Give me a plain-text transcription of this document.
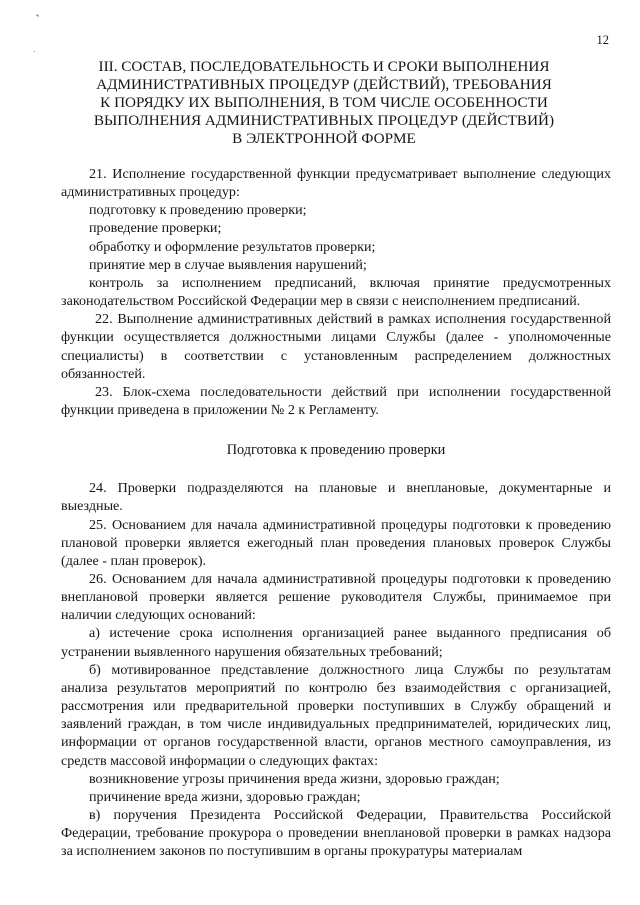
12
III. СОСТАВ, ПОСЛЕДОВАТЕЛЬНОСТЬ И СРОКИ ВЫПОЛНЕНИЯ
АДМИНИСТРАТИВНЫХ ПРОЦЕДУР (ДЕЙСТВИЙ), ТРЕБОВАНИЯ
К ПОРЯДКУ ИХ ВЫПОЛНЕНИЯ, В ТОМ ЧИСЛЕ ОСОБЕННОСТИ
ВЫПОЛНЕНИЯ АДМИНИСТРАТИВНЫХ ПРОЦЕДУР (ДЕЙСТВИЙ)
В ЭЛЕКТРОННОЙ ФОРМЕ

21. Исполнение государственной функции предусматривает выполнение следующих административных процедур:

подготовку к проведению проверки;

проведение проверки;

обработку и оформление результатов проверки;

принятие мер в случае выявления нарушений;

контроль за исполнением предписаний, включая принятие предусмотренных законодательством Российской Федерации мер в связи с неисполнением предписаний.

22. Выполнение административных действий в рамках исполнения государственной функции осуществляется должностными лицами Службы (далее - уполномоченные специалисты) в соответствии с установленным распределением должностных обязанностей.

23. Блок-схема последовательности действий при исполнении государственной функции приведена в приложении № 2 к Регламенту.

Подготовка к проведению проверки

24. Проверки подразделяются на плановые и внеплановые, документарные и выездные.

25. Основанием для начала административной процедуры подготовки к проведению плановой проверки является ежегодный план проведения плановых проверок Службы (далее - план проверок).

26. Основанием для начала административной процедуры подготовки к проведению внеплановой проверки является решение руководителя Службы, принимаемое при наличии следующих оснований:

а) истечение срока исполнения организацией ранее выданного предписания об устранении выявленного нарушения обязательных требований;

б) мотивированное представление должностного лица Службы по результатам анализа результатов мероприятий по контролю без взаимодействия с организацией, рассмотрения или предварительной проверки поступивших в Службу обращений и заявлений граждан, в том числе индивидуальных предпринимателей, юридических лиц, информации от органов государственной власти, органов местного самоуправления, из средств массовой информации о следующих фактах:

возникновение угрозы причинения вреда жизни, здоровью граждан;

причинение вреда жизни, здоровью граждан;

в) поручения Президента Российской Федерации, Правительства Российской Федерации, требование прокурора о проведении внеплановой проверки в рамках надзора за исполнением законов по поступившим в органы прокуратуры материалам
